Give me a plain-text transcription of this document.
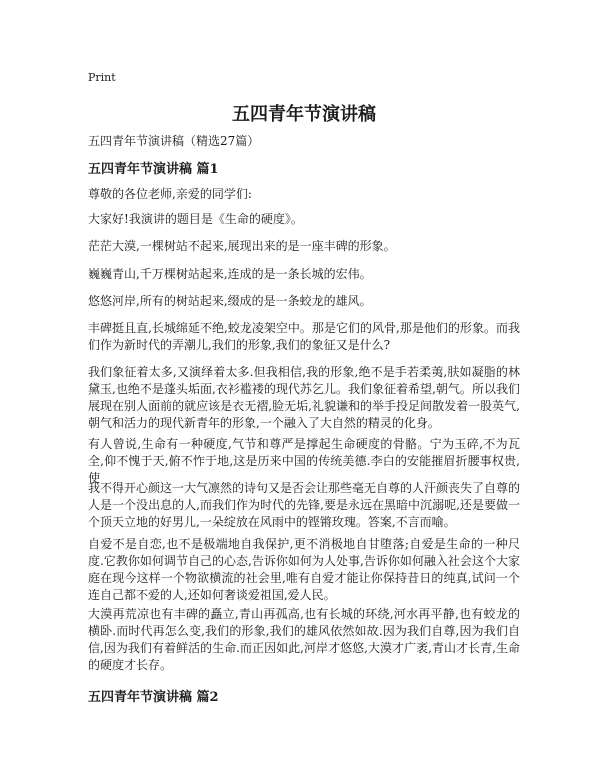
Print
五四青年节演讲稿

五四青年节演讲稿（精选27篇）

五四青年节演讲稿 篇1

尊敬的各位老师,亲爱的同学们:

大家好!我演讲的题目是《生命的硬度》。

茫茫大漠,一棵树站不起来,展现出来的是一座丰碑的形象。

巍巍青山,千万棵树站起来,连成的是一条长城的宏伟。

悠悠河岸,所有的树站起来,缀成的是一条蛟龙的雄风。

丰碑挺且直,长城绵延不绝,蛟龙凌架空中。那是它们的风骨,那是他们的形象。而我们作为新时代的弄潮儿,我们的形象,我们的象征又是什么?

我们象征着太多,又演绎着太多.但我相信,我的形象,绝不是手若柔荑,肤如凝脂的林黛玉,也绝不是蓬头垢面,衣衫褴褛的现代苏乞儿。我们象征着希望,朝气。所以我们展现在别人面前的就应该是衣无褶,脸无垢,礼貌谦和的举手投足间散发着一股英气,朝气和活力的现代新青年的形象,一个融入了大自然的精灵的化身。

有人曾说,生命有一种硬度,气节和尊严是撑起生命硬度的骨骼。宁为玉碎,不为瓦全,仰不愧于天,俯不怍于地,这是历来中国的传统美德.李白的安能摧眉折腰事权贵,使

我不得开心颜这一大气凛然的诗句又是否会让那些毫无自尊的人汗颜丧失了自尊的人是一个没出息的人,而我们作为时代的先锋,要是永远在黑暗中沉溺呢,还是要做一个顶天立地的好男儿,一朵绽放在风雨中的铿锵玫瑰。答案,不言而喻。

自爱不是自恋,也不是极端地自我保护,更不消极地自甘堕落;自爱是生命的一种尺度.它教你如何调节自己的心态,告诉你如何为人处事,告诉你如何融入社会这个大家庭在现今这样一个物欲横流的社会里,唯有自爱才能让你保持昔日的纯真,试问一个连自己都不爱的人,还如何奢谈爱祖国,爱人民。

大漠再荒凉也有丰碑的矗立,青山再孤高,也有长城的环绕,河水再平静,也有蛟龙的横卧.而时代再怎么变,我们的形象,我们的雄风依然如故.因为我们自尊,因为我们自信,因为我们有着鲜活的生命.而正因如此,河岸才悠悠,大漠才广袤,青山才长青,生命的硬度才长存。

五四青年节演讲稿 篇2
